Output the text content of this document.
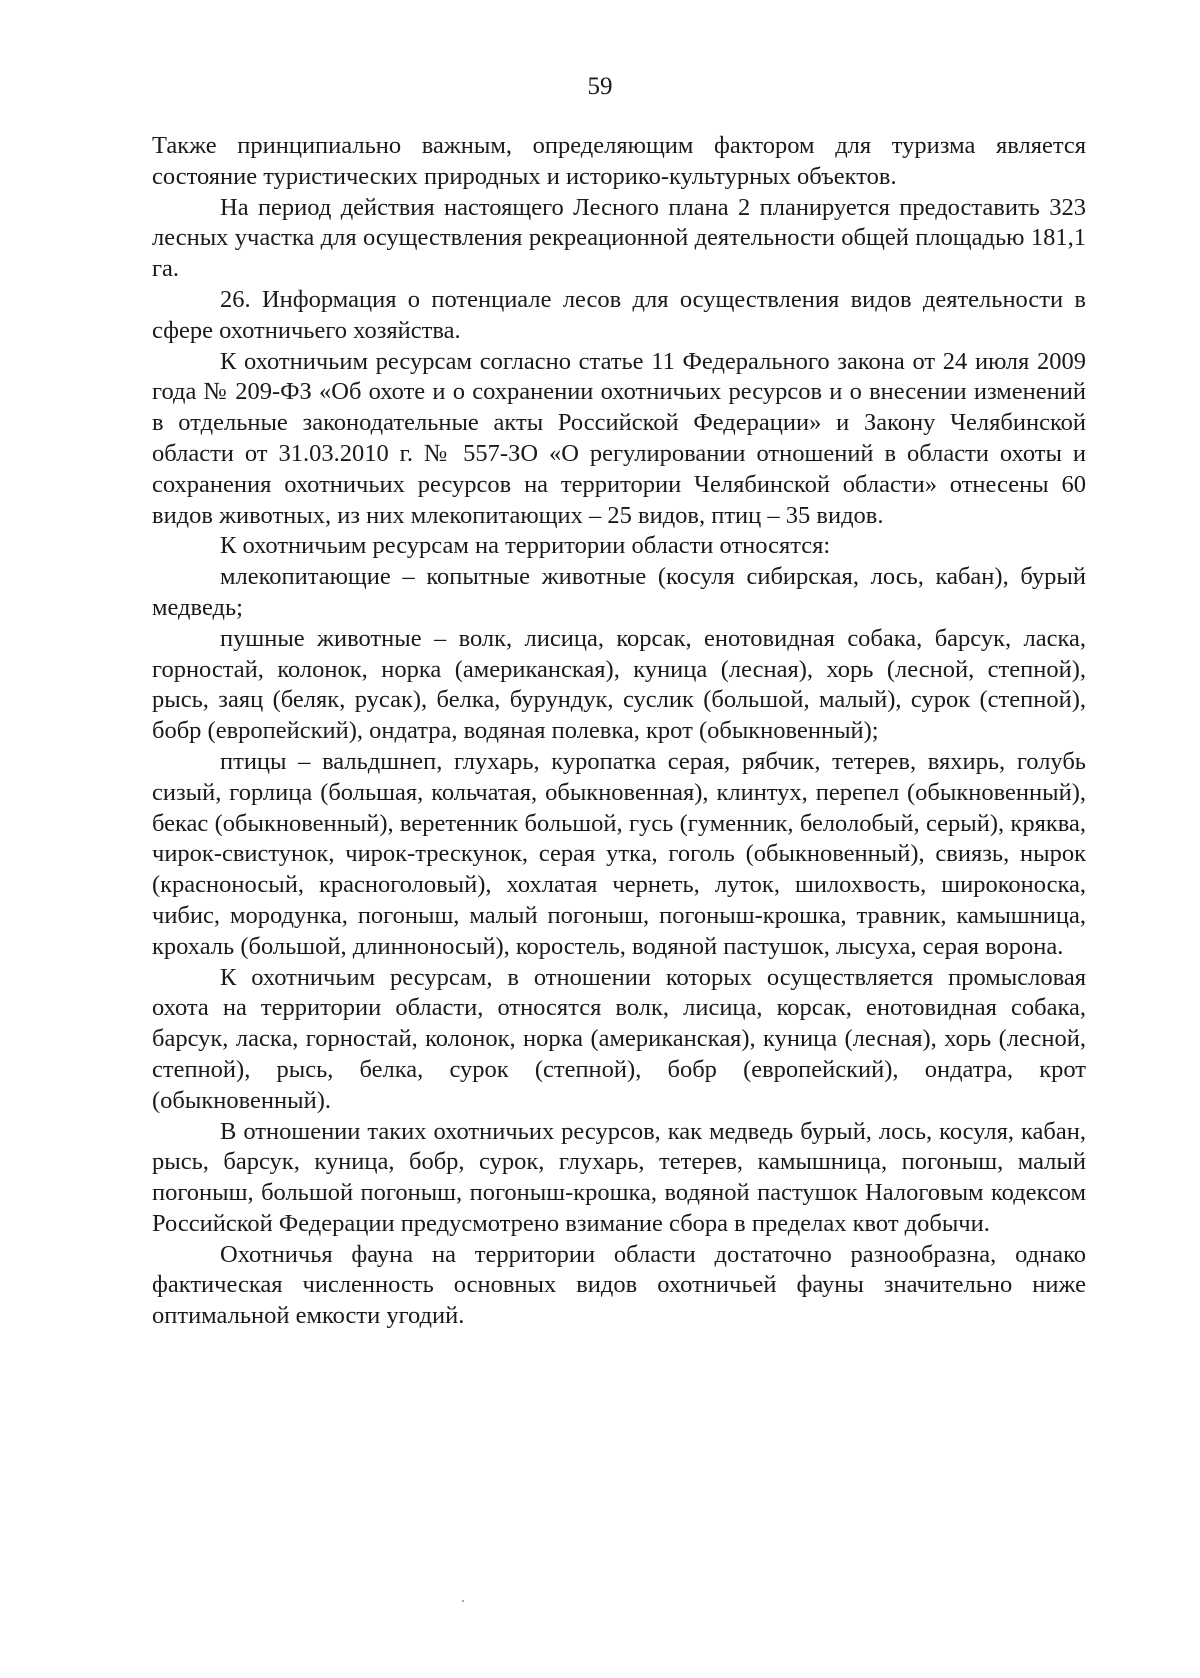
59

Также принципиально важным, определяющим фактором для туризма является состояние туристических природных и историко-культурных объектов.

На период действия настоящего Лесного плана 2 планируется предоставить 323 лесных участка для осуществления рекреационной деятельности общей площадью 181,1 га.

26. Информация о потенциале лесов для осуществления видов деятельности в сфере охотничьего хозяйства.

К охотничьим ресурсам согласно статье 11 Федерального закона от 24 июля 2009 года № 209-ФЗ «Об охоте и о сохранении охотничьих ресурсов и о внесении изменений в отдельные законодательные акты Российской Федерации» и Закону Челябинской области от 31.03.2010 г. № 557-ЗО «О регулировании отношений в области охоты и сохранения охотничьих ресурсов на территории Челябинской области» отнесены 60 видов животных, из них млекопитающих – 25 видов, птиц – 35 видов.

К охотничьим ресурсам на территории области относятся:

млекопитающие – копытные животные (косуля сибирская, лось, кабан), бурый медведь;

пушные животные – волк, лисица, корсак, енотовидная собака, барсук, ласка, горностай, колонок, норка (американская), куница (лесная), хорь (лесной, степной), рысь, заяц (беляк, русак), белка, бурундук, суслик (большой, малый), сурок (степной), бобр (европейский), ондатра, водяная полевка, крот (обыкновенный);

птицы – вальдшнеп, глухарь, куропатка серая, рябчик, тетерев, вяхирь, голубь сизый, горлица (большая, кольчатая, обыкновенная), клинтух, перепел (обыкновенный), бекас (обыкновенный), веретенник большой, гусь (гуменник, белолобый, серый), кряква, чирок-свистунок, чирок-трескунок, серая утка, гоголь (обыкновенный), свиязь, нырок (красноносый, красноголовый), хохлатая чернеть, луток, шилохвость, широконоска, чибис, мородунка, погоныш, малый погоныш, погоныш-крошка, травник, камышница, крохаль (большой, длинноносый), коростель, водяной пастушок, лысуха, серая ворона.

К охотничьим ресурсам, в отношении которых осуществляется промысловая охота на территории области, относятся волк, лисица, корсак, енотовидная собака, барсук, ласка, горностай, колонок, норка (американская), куница (лесная), хорь (лесной, степной), рысь, белка, сурок (степной), бобр (европейский), ондатра, крот (обыкновенный).

В отношении таких охотничьих ресурсов, как медведь бурый, лось, косуля, кабан, рысь, барсук, куница, бобр, сурок, глухарь, тетерев, камышница, погоныш, малый погоныш, большой погоныш, погоныш-крошка, водяной пастушок Налоговым кодексом Российской Федерации предусмотрено взимание сбора в пределах квот добычи.

Охотничья фауна на территории области достаточно разнообразна, однако фактическая численность основных видов охотничьей фауны значительно ниже оптимальной емкости угодий.
